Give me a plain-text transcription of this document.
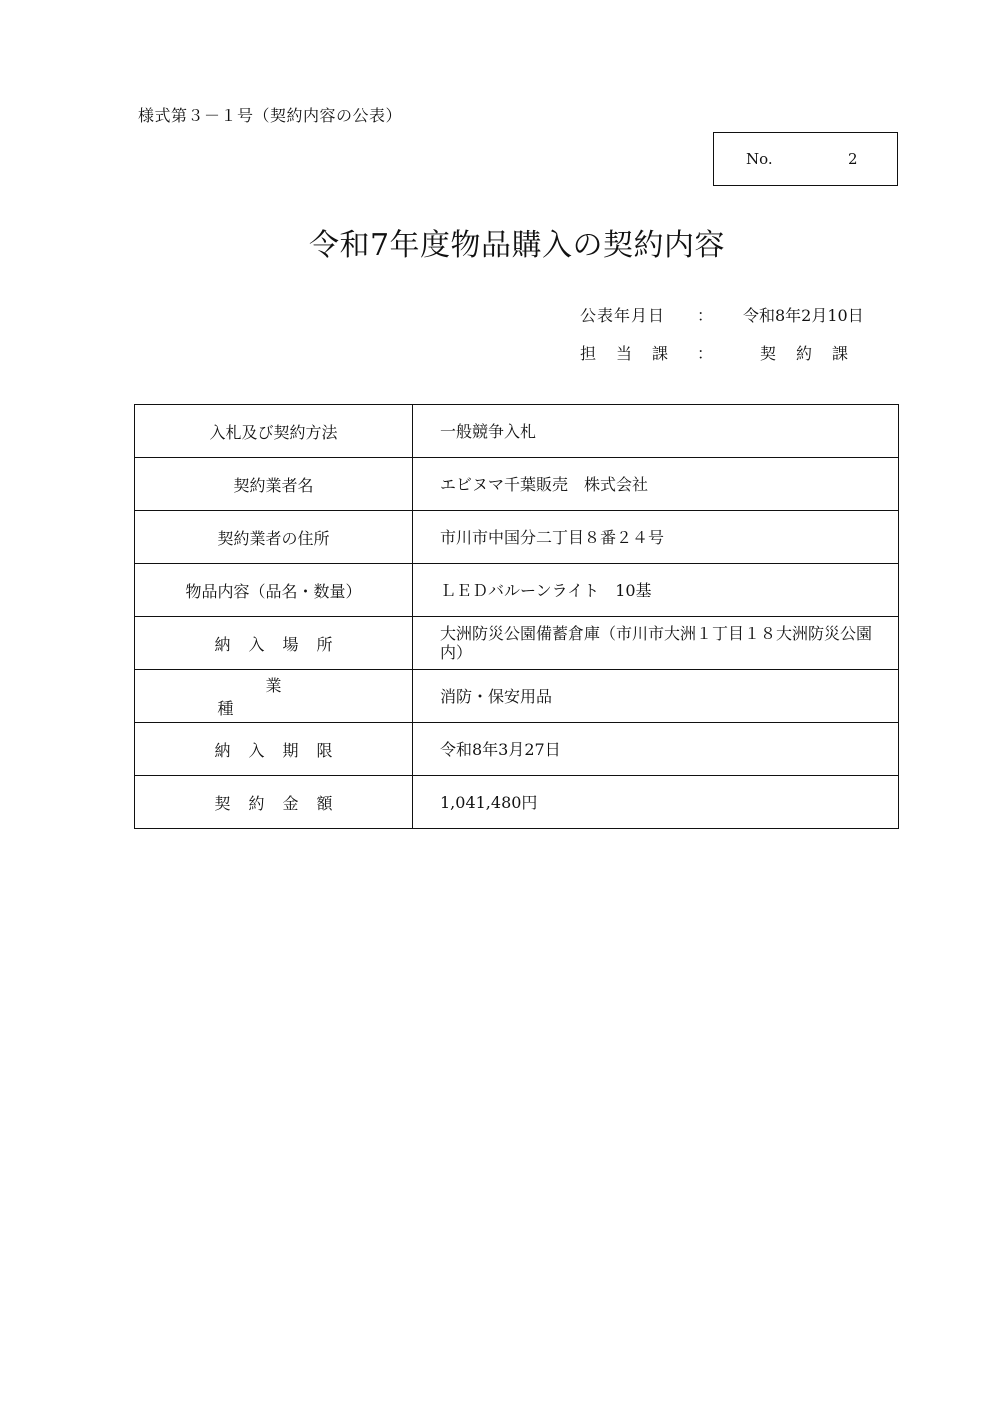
様式第３－１号（契約内容の公表）
No.	2
令和7年度物品購入の契約内容
公表年月日 ： 令和8年2月10日
担当課 ：	契約課
入札及び契約方法	一般競争入札
契約業者名	エビヌマ千葉販売　株式会社
契約業者の住所	市川市中国分二丁目８番２４号
物品内容（品名・数量）	ＬＥＤバルーンライト　10基
納入場所	大洲防災公園備蓄倉庫（市川市大洲１丁目１８大洲防災公園内）
業種	消防・保安用品
納入期限	令和8年3月27日
契約金額	1,041,480円
